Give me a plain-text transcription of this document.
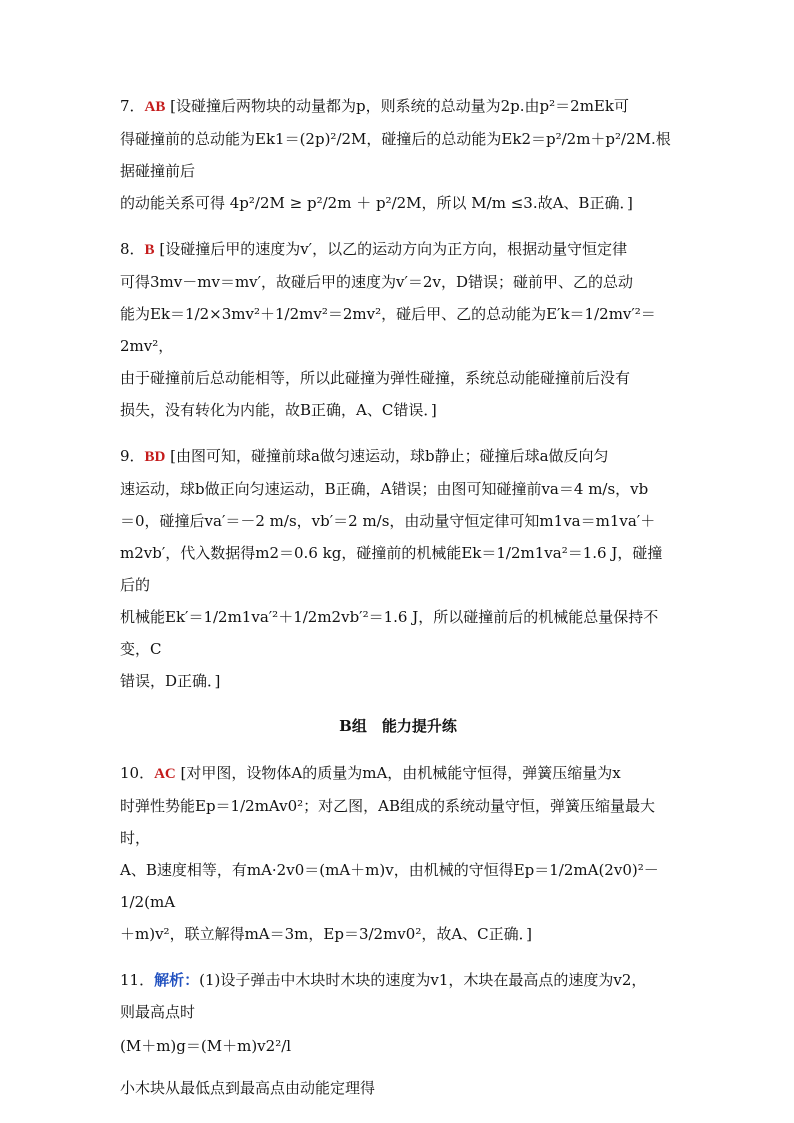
7．AB [设碰撞后两物块的动量都为p，则系统的总动量为2p.由p²＝2mEk可
得碰撞前的总动能为Ek1＝(2p)²/2M，碰撞后的总动能为Ek2＝p²/2m＋p²/2M.根据碰撞前后
的动能关系可得 4p²/2M ≥ p²/2m ＋ p²/2M，所以 M/m ≤3.故A、B正确．]
8．B [设碰撞后甲的速度为v′，以乙的运动方向为正方向，根据动量守恒定律
可得3mv－mv＝mv′，故碰后甲的速度为v′＝2v，D错误；碰前甲、乙的总动
能为Ek＝1/2×3mv²＋1/2mv²＝2mv²，碰后甲、乙的总动能为E′k＝1/2mv′²＝2mv²，
由于碰撞前后总动能相等，所以此碰撞为弹性碰撞，系统总动能碰撞前后没有
损失，没有转化为内能，故B正确，A、C错误．]
9．BD [由图可知，碰撞前球a做匀速运动，球b静止；碰撞后球a做反向匀
速运动，球b做正向匀速运动，B正确，A错误；由图可知碰撞前va＝4 m/s，vb
＝0，碰撞后va′＝－2 m/s，vb′＝2 m/s，由动量守恒定律可知m1va＝m1va′＋
m2vb′，代入数据得m2＝0.6 kg，碰撞前的机械能Ek＝1/2m1va²＝1.6 J，碰撞后的
机械能Ek′＝1/2m1va′²＋1/2m2vb′²＝1.6 J，所以碰撞前后的机械能总量保持不变，C
错误，D正确．]
B组　能力提升练
10．AC [对甲图，设物体A的质量为mA，由机械能守恒得，弹簧压缩量为x
时弹性势能Ep＝1/2mAv0²；对乙图，AB组成的系统动量守恒，弹簧压缩量最大时，
A、B速度相等，有mA·2v0＝(mA＋m)v，由机械的守恒得Ep＝1/2mA(2v0)²－1/2(mA
＋m)v²，联立解得mA＝3m，Ep＝3/2mv0²，故A、C正确．]
11．解析：(1)设子弹击中木块时木块的速度为v1，木块在最高点的速度为v2，
则最高点时
(M＋m)g＝(M＋m)v2²/l
小木块从最低点到最高点由动能定理得
